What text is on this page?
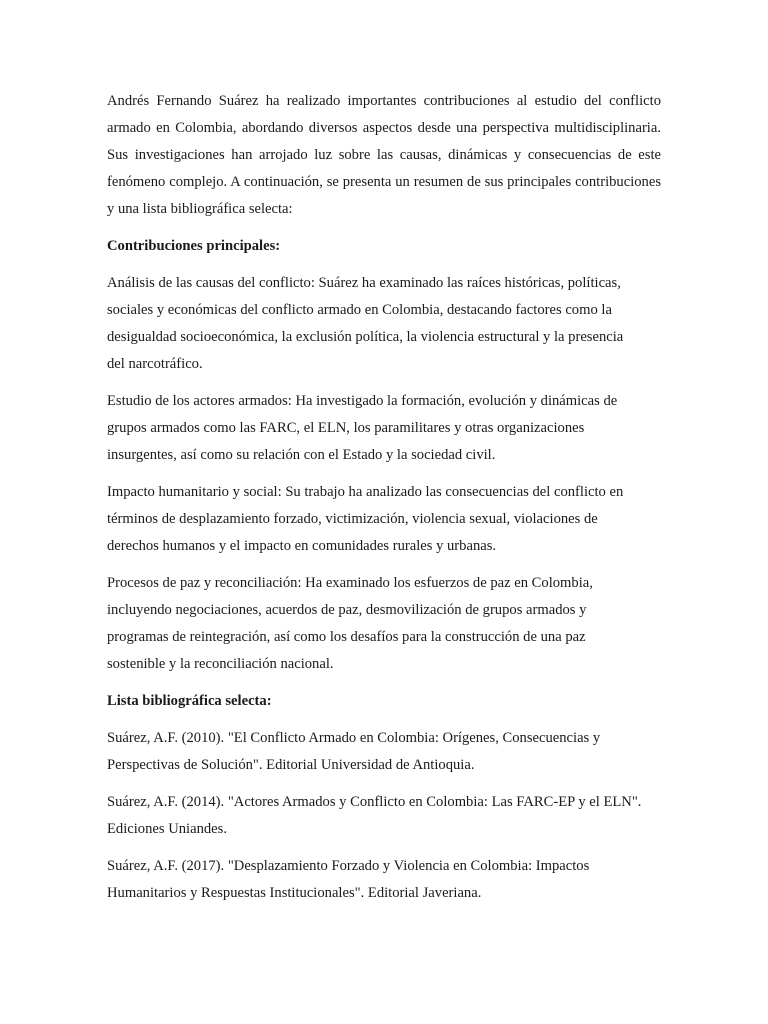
Andrés Fernando Suárez ha realizado importantes contribuciones al estudio del conflicto armado en Colombia, abordando diversos aspectos desde una perspectiva multidisciplinaria. Sus investigaciones han arrojado luz sobre las causas, dinámicas y consecuencias de este fenómeno complejo. A continuación, se presenta un resumen de sus principales contribuciones y una lista bibliográfica selecta:

Contribuciones principales:

Análisis de las causas del conflicto: Suárez ha examinado las raíces históricas, políticas,
sociales y económicas del conflicto armado en Colombia, destacando factores como la
desigualdad socioeconómica, la exclusión política, la violencia estructural y la presencia
del narcotráfico.

Estudio de los actores armados: Ha investigado la formación, evolución y dinámicas de
grupos armados como las FARC, el ELN, los paramilitares y otras organizaciones
insurgentes, así como su relación con el Estado y la sociedad civil.

Impacto humanitario y social: Su trabajo ha analizado las consecuencias del conflicto en
términos de desplazamiento forzado, victimización, violencia sexual, violaciones de
derechos humanos y el impacto en comunidades rurales y urbanas.

Procesos de paz y reconciliación: Ha examinado los esfuerzos de paz en Colombia,
incluyendo negociaciones, acuerdos de paz, desmovilización de grupos armados y
programas de reintegración, así como los desafíos para la construcción de una paz
sostenible y la reconciliación nacional.

Lista bibliográfica selecta:

Suárez, A.F. (2010). "El Conflicto Armado en Colombia: Orígenes, Consecuencias y
Perspectivas de Solución". Editorial Universidad de Antioquia.

Suárez, A.F. (2014). "Actores Armados y Conflicto en Colombia: Las FARC-EP y el ELN".
Ediciones Uniandes.

Suárez, A.F. (2017). "Desplazamiento Forzado y Violencia en Colombia: Impactos
Humanitarios y Respuestas Institucionales". Editorial Javeriana.
